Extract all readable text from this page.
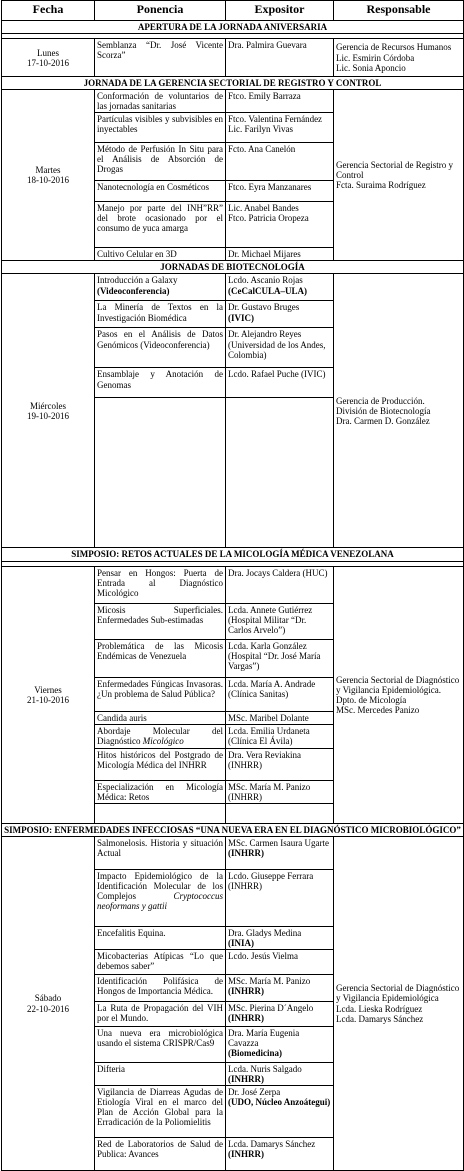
Fecha	Ponencia	Expositor	Responsable
APERTURA DE LA JORNADA ANIVERSARIA			

Lunes
17-10-2016	Semblanza “Dr. José Vicente Scorza”	Dra. Palmira Guevara	Gerencia de Recursos Humanos
Lic. Esmirin Córdoba
Lic. Sonia Aponcio

JORNADA DE LA GERENCIA SECTORIAL DE REGISTRO Y CONTROL			

Martes
18-10-2016	Conformación de voluntarios de las jornadas sanitarias	Ftco. Emily Barraza	Gerencia Sectorial de Registro y Control
Fcta. Suraima Rodríguez

	Partículas visibles y subvisibles en inyectables	Ftco. Valentina Fernández
Lic. Farilyn Vivas	

	Método de Perfusión In Situ para el Análisis de Absorción de Drogas	Fcto. Ana Canelón	

	Nanotecnología en Cosméticos	Ftco. Eyra Manzanares	

	Manejo por parte del INH”RR” del brote ocasionado por el consumo de yuca amarga	Lic. Anabel Bandes
Ftco. Patricia Oropeza	

	Cultivo Celular en 3D	Dr. Michael Mijares	

JORNADAS DE BIOTECNOLOGÍA			

Miércoles
19-10-2016	Introducción a Galaxy
(Videoconferencia)	Lcdo. Ascanio Rojas
(CeCalCULA–ULA)	Gerencia de Producción.
División de Biotecnología
Dra. Carmen D. González

	La Minería de Textos en la Investigación Biomédica	Dr. Gustavo Bruges
(IVIC)	

	Pasos en el Análisis de Datos Genómicos (Videoconferencia)	Dr. Alejandro Reyes (Universidad de los Andes, Colombia)	

	Ensamblaje y Anotación de Genomas	Lcdo. Rafael Puche (IVIC)	

SIMPOSIO: RETOS ACTUALES DE LA MICOLOGÍA MÉDICA VENEZOLANA			

Viernes
21-10-2016	Pensar en Hongos: Puerta de Entrada al Diagnóstico Micológico	Dra. Jocays Caldera (HUC)	Gerencia Sectorial de Diagnóstico y Vigilancia Epidemiológica.
Dpto. de Micología
MSc. Mercedes Panizo

	Micosis Superficiales. Enfermedades Sub-estimadas	Lcda. Annete Gutiérrez (Hospital Militar “Dr. Carlos Arvelo”)	

	Problemática de las Micosis Endémicas de Venezuela	Lcda. Karla González (Hospital “Dr. José María Vargas”)	

	Enfermedades Fúngicas Invasoras. ¿Un problema de Salud Pública?	Lcda. María A. Andrade (Clínica Sanitas)	

	Candida auris	MSc. Maribel Dolante	

	Abordaje Molecular del Diagnóstico Micológico	Lcda. Emilia Urdaneta (Clínica El Ávila)	

	Hitos históricos del Postgrado de Micología Médica del INHRR	Dra. Vera Reviakina (INHRR)	

	Especialización en Micología Médica: Retos	MSc. María M. Panizo (INHRR)	

SIMPOSIO: ENFERMEDADES INFECCIOSAS “UNA NUEVA ERA EN EL DIAGNÓSTICO MICROBIOLÓGICO”			

Sábado
22-10-2016	Salmonelosis. Historia y situación Actual	MSc. Carmen Isaura Ugarte
(INHRR)	Gerencia Sectorial de Diagnóstico y Vigilancia Epidemiológica
Lcda. Lieska Rodríguez
Lcda. Damarys Sánchez

	Impacto Epidemiológico de la Identificación Molecular de los Complejos Cryptococcus neoformans y gattii	Lcdo. Giuseppe Ferrara (INHRR)	

	Encefalitis Equina.	Dra. Gladys Medina
(INIA)	

	Micobacterias Atípicas “Lo que debemos saber”	Lcdo. Jesús Vielma	

	Identificación Polifásica de Hongos de Importancia Médica.	MSc. María M. Panizo
(INHRR)	

	La Ruta de Propagación del VIH por el Mundo.	MSc. Pierina D´Angelo
(INHRR)	

	Una nueva era microbiológica usando el sistema CRISPR/Cas9	Dra. María Eugenia Cavazza
(Biomedicina)	

	Difteria	Lcda. Nuris Salgado
(INHRR)	

	Vigilancia de Diarreas Agudas de Etiología Viral en el marco del Plan de Acción Global para la Erradicación de la Poliomielitis	Dr. José Zerpa
(UDO, Núcleo Anzoátegui)	

	Red de Laboratorios de Salud de Publica: Avances	Lcda. Damarys Sánchez
(INHRR)	
